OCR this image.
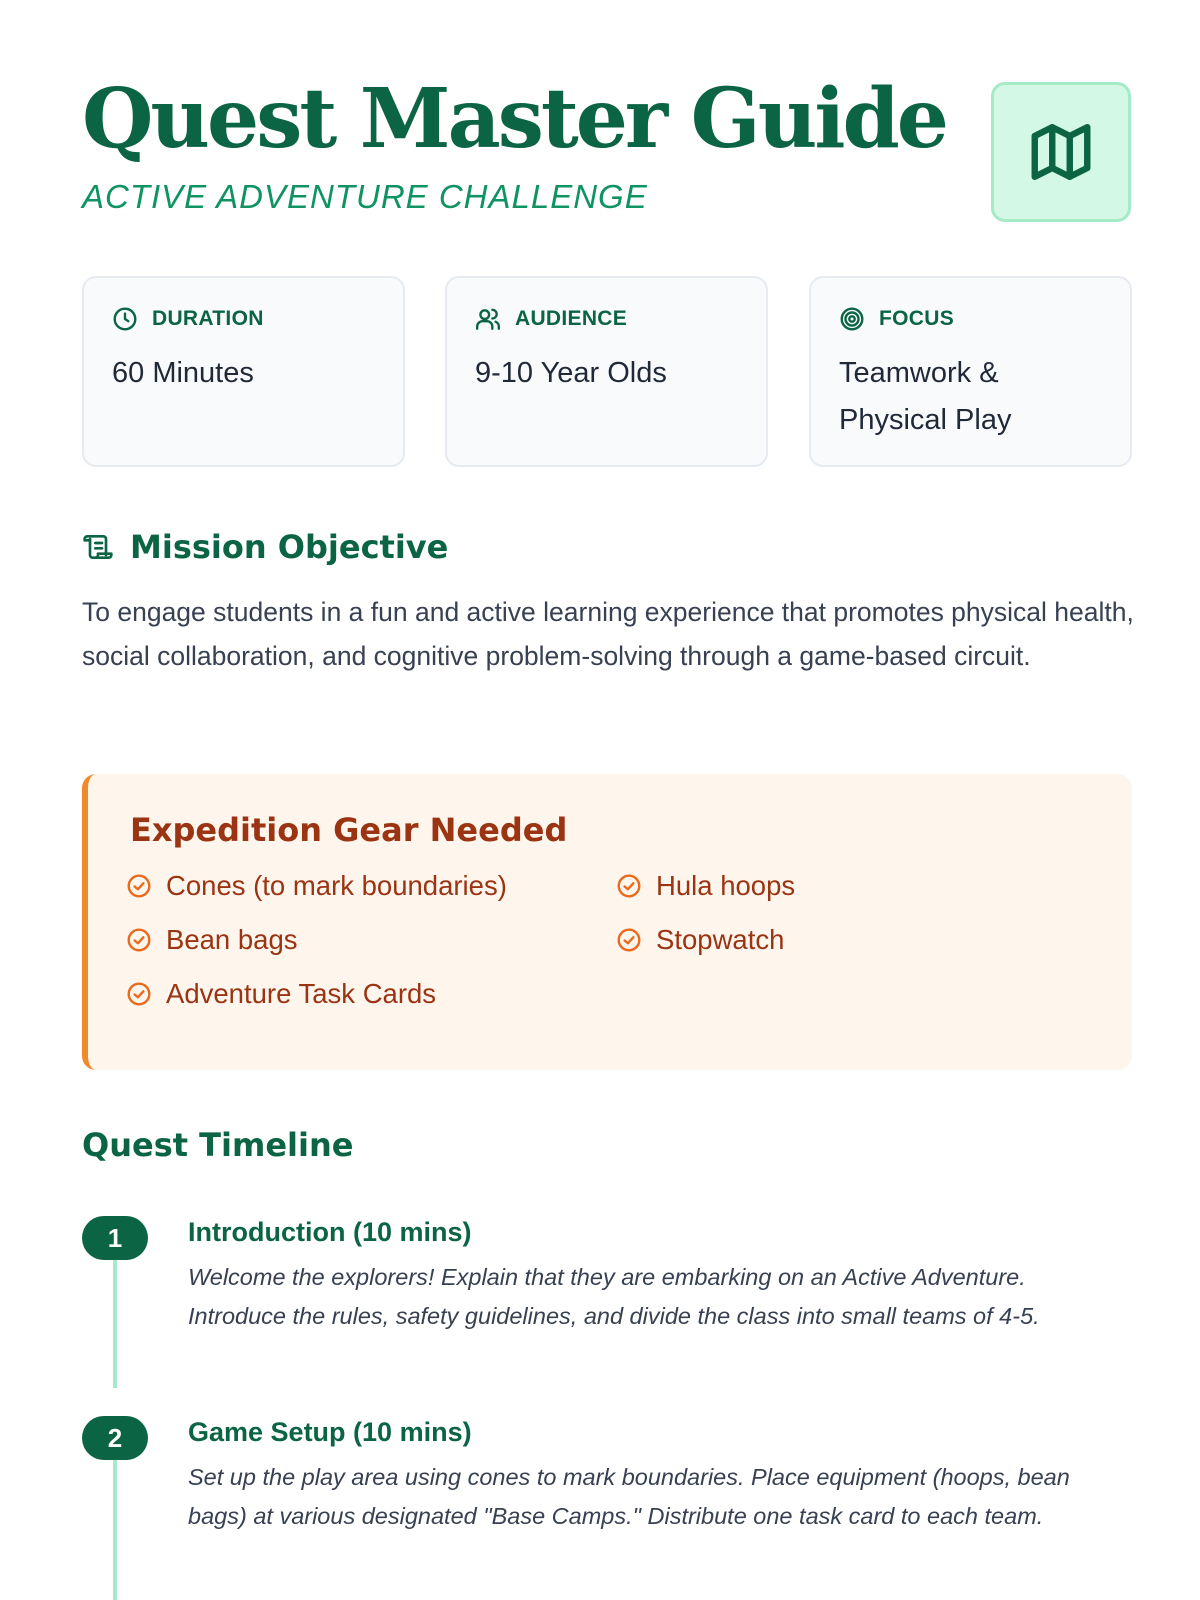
Quest Master Guide
ACTIVE ADVENTURE CHALLENGE
DURATION
60 Minutes
AUDIENCE
9-10 Year Olds
FOCUS
Teamwork & Physical Play
Mission Objective

To engage students in a fun and active learning experience that promotes physical health, social collaboration, and cognitive problem-solving through a game-based circuit.

Expedition Gear Needed
Cones (to mark boundaries)	Hula hoops
Bean bags	Stopwatch
Adventure Task Cards
Quest Timeline
1	Introduction (10 mins)

Welcome the explorers! Explain that they are embarking on an Active Adventure. Introduce the rules, safety guidelines, and divide the class into small teams of 4-5.

2	Game Setup (10 mins)

Set up the play area using cones to mark boundaries. Place equipment (hoops, bean bags) at various designated "Base Camps." Distribute one task card to each team.
